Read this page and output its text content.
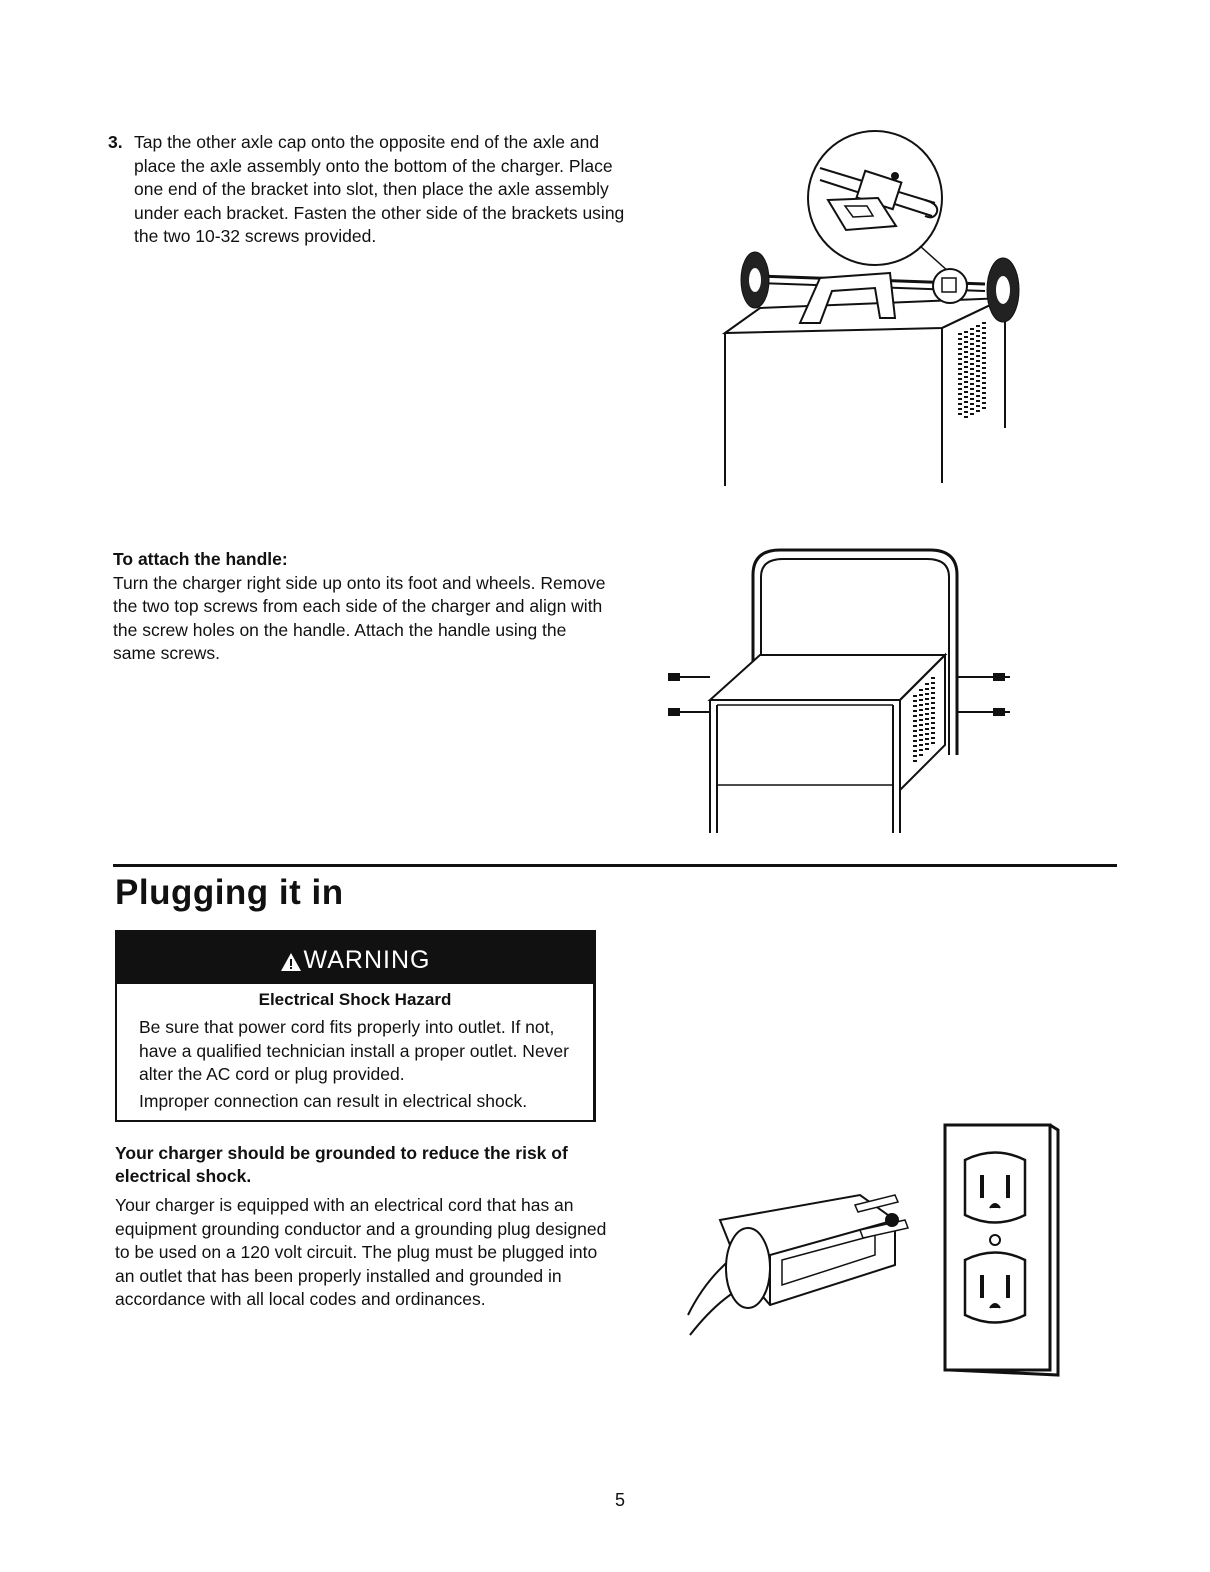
3. Tap the other axle cap onto the opposite end of the axle and place the axle assembly onto the bottom of the charger. Place one end of the bracket into slot, then place the axle assembly under each bracket. Fasten the other side of the brackets using the two 10-32 screws provided.
To attach the handle:
Turn the charger right side up onto its foot and wheels. Remove the two top screws from each side of the charger and align with the screw holes on the handle. Attach the handle using the same screws.
Plugging it in
WARNING
Electrical Shock Hazard
Be sure that power cord fits properly into outlet. If not, have a qualified technician install a proper outlet. Never alter the AC cord or plug provided.
Improper connection can result in electrical shock.
Your charger should be grounded to reduce the risk of electrical shock.
Your charger is equipped with an electrical cord that has an equipment grounding conductor and a grounding plug designed to be used on a 120 volt circuit. The plug must be plugged into an outlet that has been properly installed and grounded in accordance with all local codes and ordinances.
5
